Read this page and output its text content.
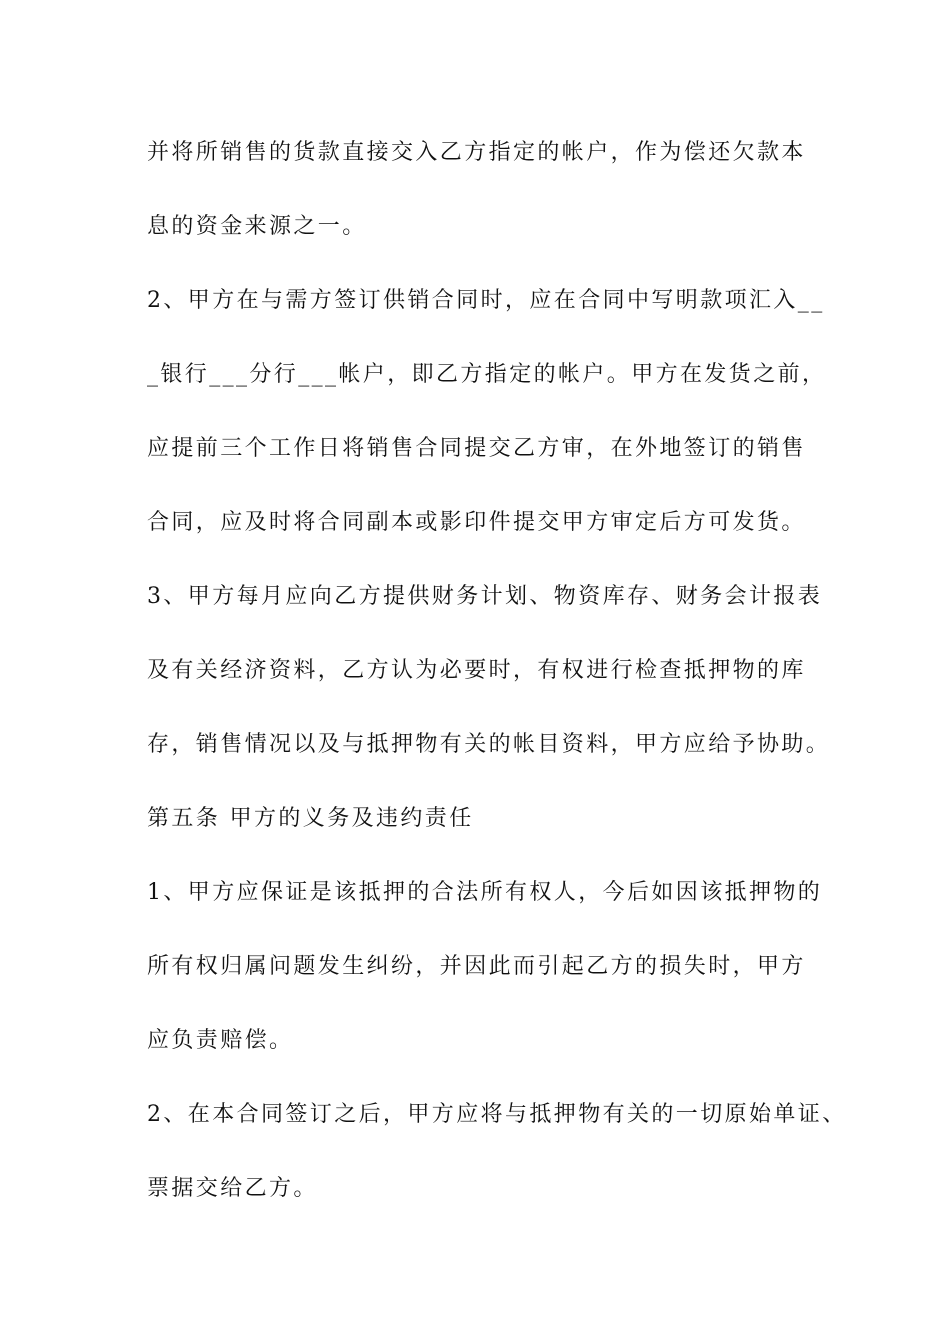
并将所销售的货款直接交入乙方指定的帐户，作为偿还欠款本
息的资金来源之一。
2、甲方在与需方签订供销合同时，应在合同中写明款项汇入__
_银行___分行___帐户，即乙方指定的帐户。甲方在发货之前，
应提前三个工作日将销售合同提交乙方审，在外地签订的销售
合同，应及时将合同副本或影印件提交甲方审定后方可发货。
3、甲方每月应向乙方提供财务计划、物资库存、财务会计报表
及有关经济资料，乙方认为必要时，有权进行检查抵押物的库
存，销售情况以及与抵押物有关的帐目资料，甲方应给予协助。
第五条 甲方的义务及违约责任
1、甲方应保证是该抵押的合法所有权人，今后如因该抵押物的
所有权归属问题发生纠纷，并因此而引起乙方的损失时，甲方
应负责赔偿。
2、在本合同签订之后，甲方应将与抵押物有关的一切原始单证、
票据交给乙方。
